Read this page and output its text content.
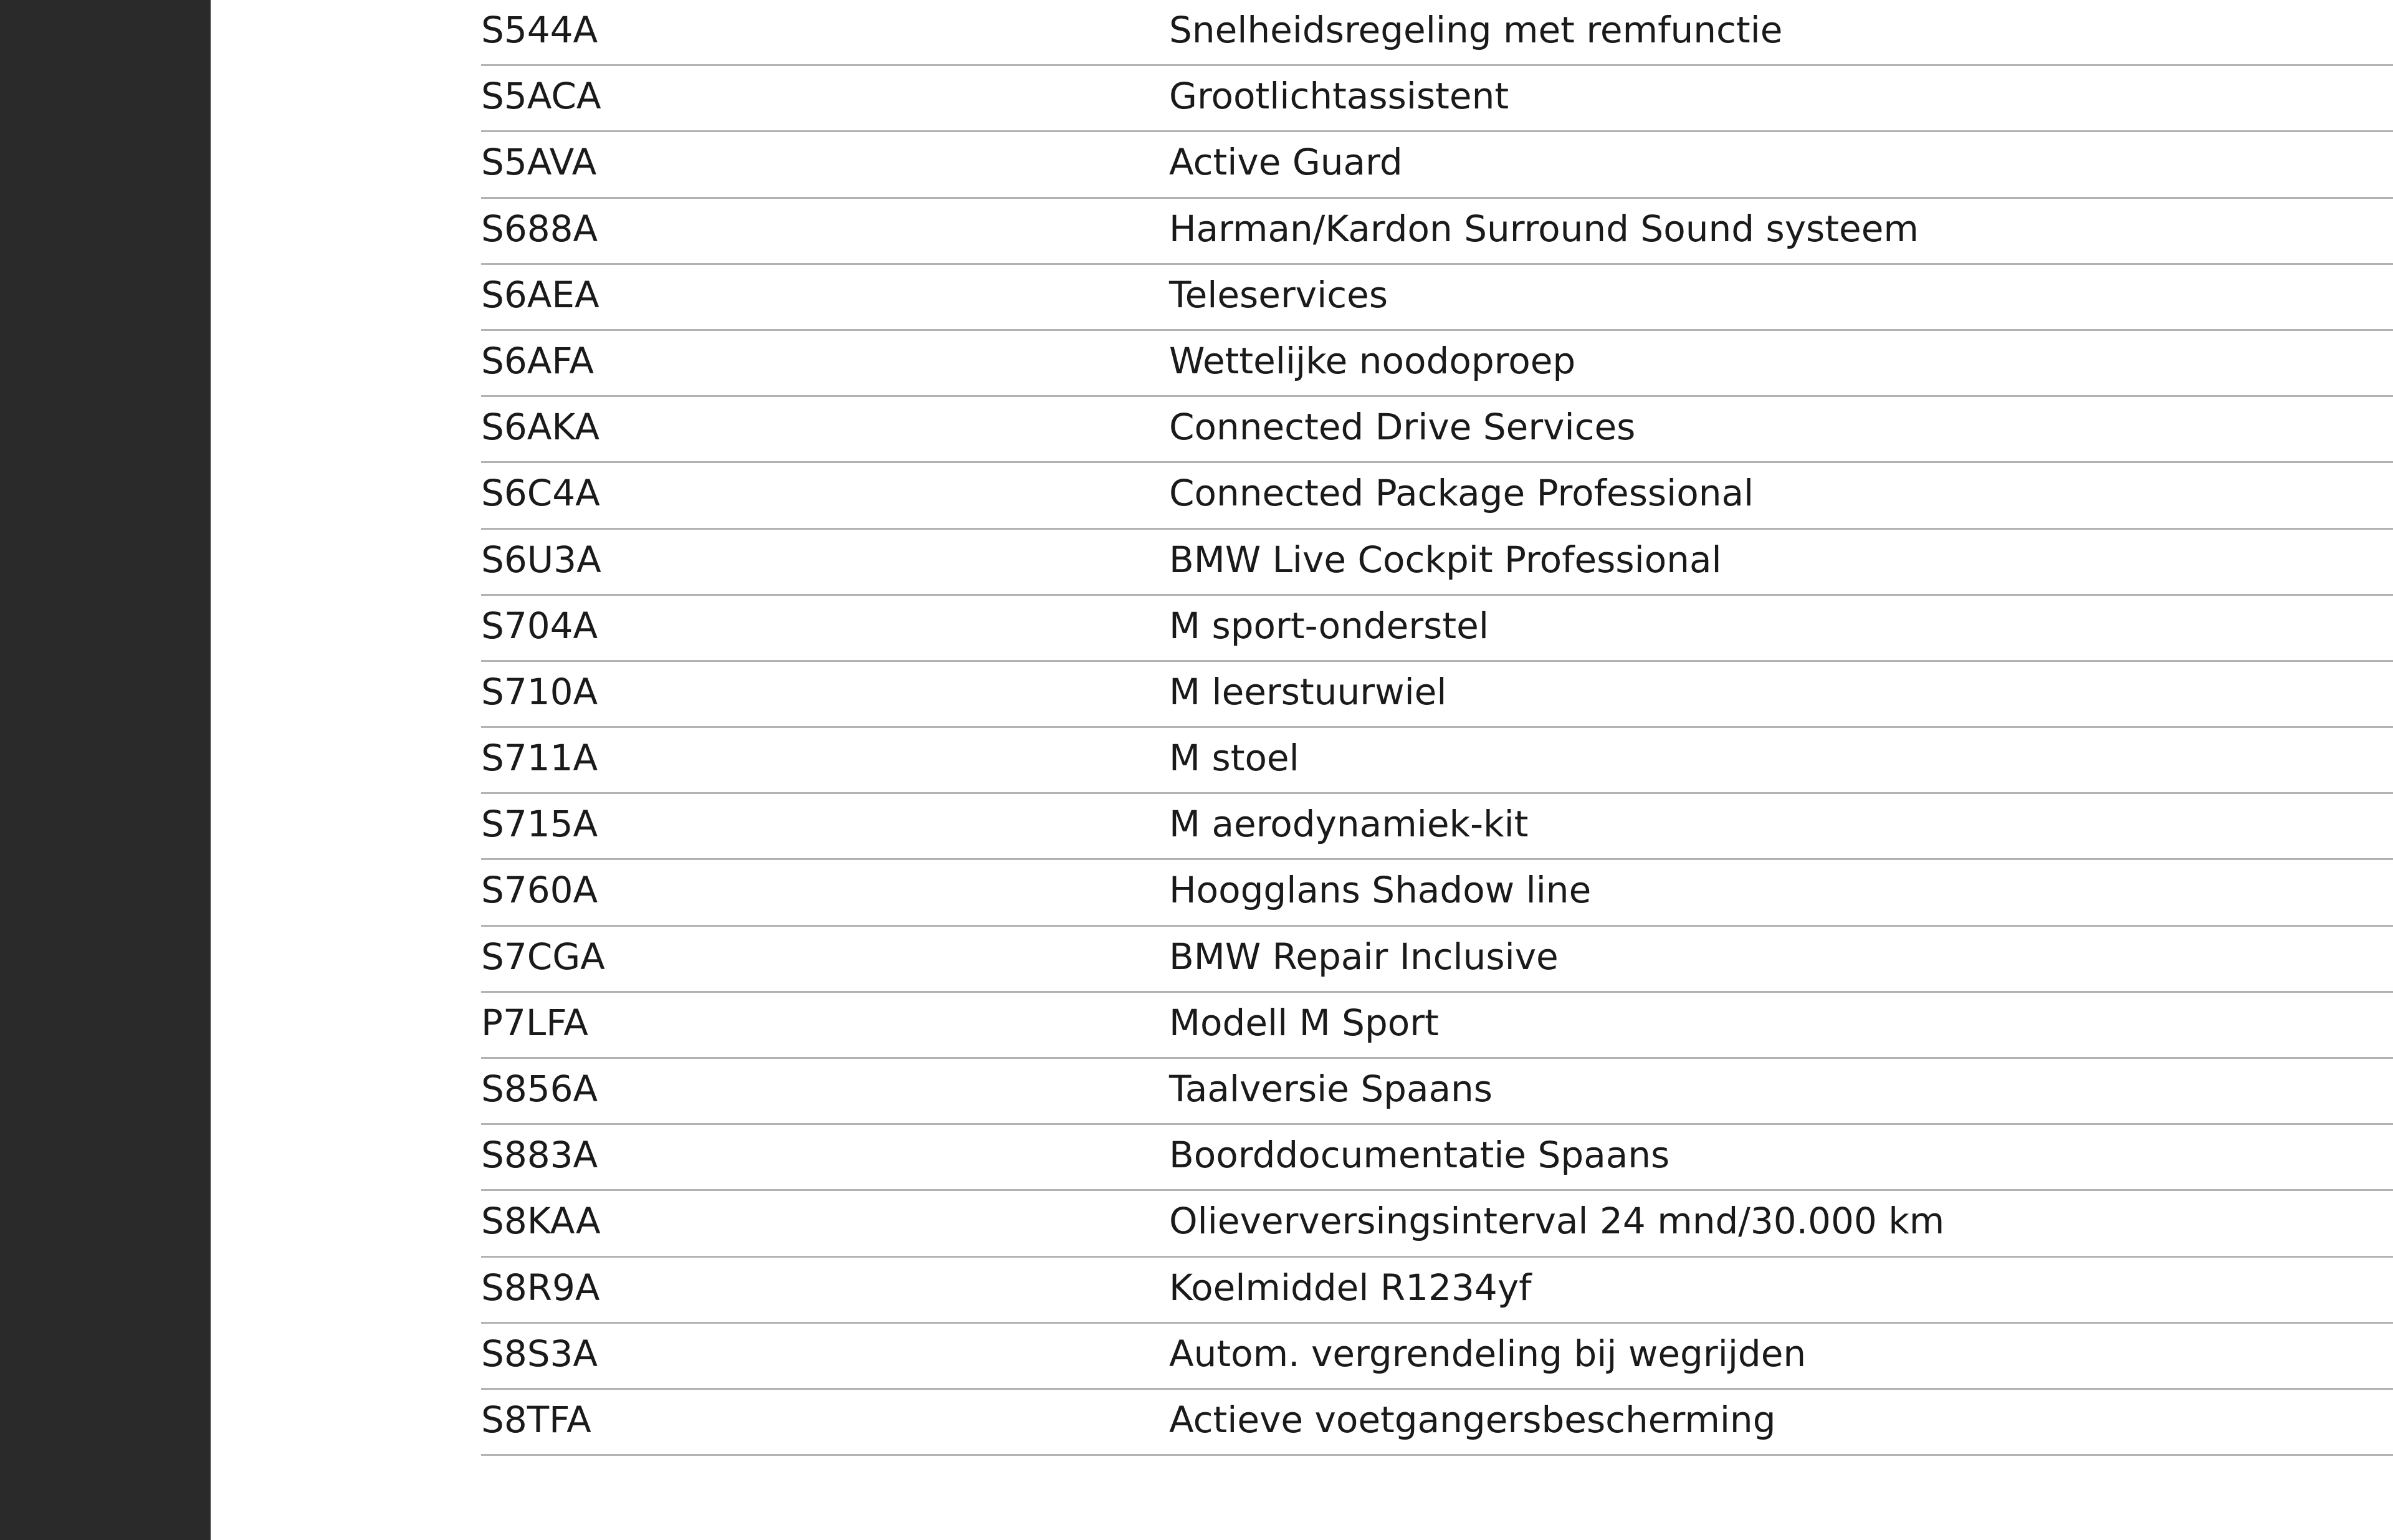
S544A	Snelheidsregeling met remfunctie
S5ACA	Grootlichtassistent
S5AVA	Active Guard
S688A	Harman/Kardon Surround Sound systeem
S6AEA	Teleservices
S6AFA	Wettelijke noodoproep
S6AKA	Connected Drive Services
S6C4A	Connected Package Professional
S6U3A	BMW Live Cockpit Professional
S704A	M sport-onderstel
S710A	M leerstuurwiel
S711A	M stoel
S715A	M aerodynamiek-kit
S760A	Hoogglans Shadow line
S7CGA	BMW Repair Inclusive
P7LFA	Modell M Sport
S856A	Taalversie Spaans
S883A	Boorddocumentatie Spaans
S8KAA	Olieverversingsinterval 24 mnd/30.000 km
S8R9A	Koelmiddel R1234yf
S8S3A	Autom. vergrendeling bij wegrijden
S8TFA	Actieve voetgangersbescherming
